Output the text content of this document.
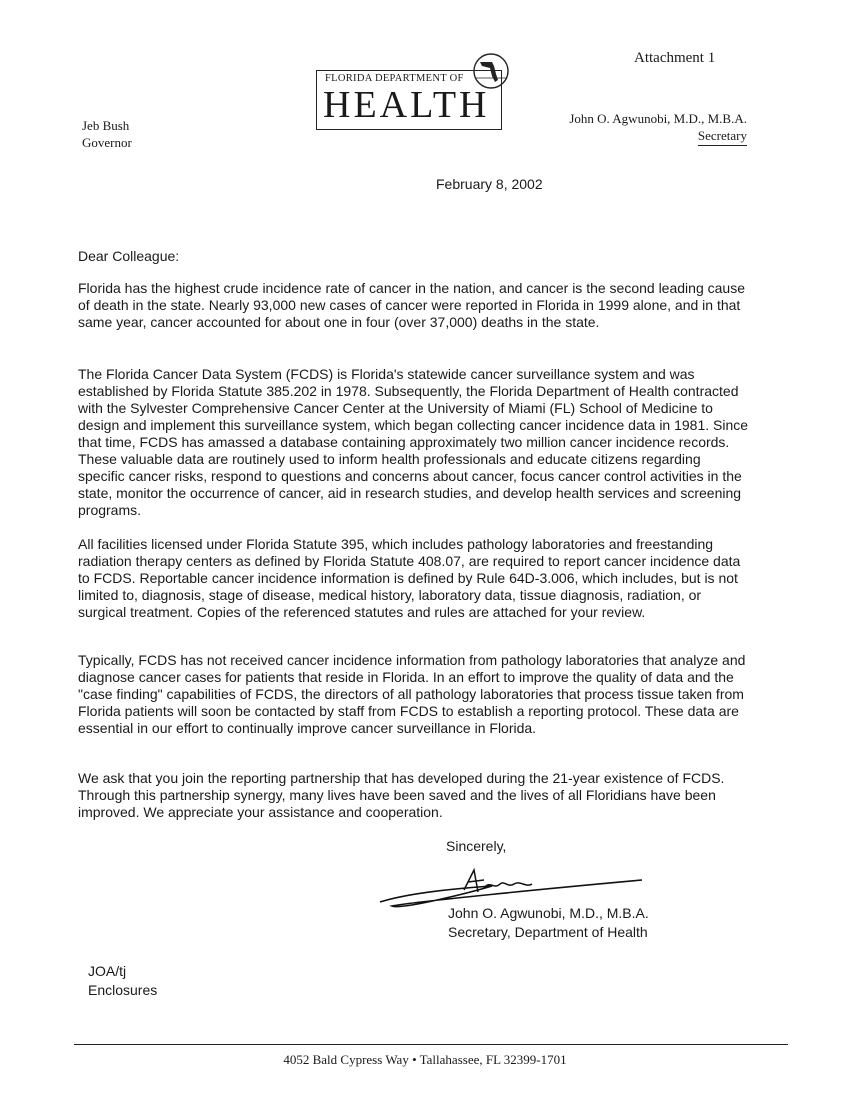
Attachment 1
Jeb Bush
Governor
FLORIDA DEPARTMENT OF
HEALTH	John O. Agwunobi, M.D., M.B.A.
Secretary
February 8, 2002
Dear Colleague:

Florida has the highest crude incidence rate of cancer in the nation, and cancer is the second leading cause of death in the state. Nearly 93,000 new cases of cancer were reported in Florida in 1999 alone, and in that same year, cancer accounted for about one in four (over 37,000) deaths in the state.

The Florida Cancer Data System (FCDS) is Florida's statewide cancer surveillance system and was established by Florida Statute 385.202 in 1978. Subsequently, the Florida Department of Health contracted with the Sylvester Comprehensive Cancer Center at the University of Miami (FL) School of Medicine to design and implement this surveillance system, which began collecting cancer incidence data in 1981. Since that time, FCDS has amassed a database containing approximately two million cancer incidence records. These valuable data are routinely used to inform health professionals and educate citizens regarding specific cancer risks, respond to questions and concerns about cancer, focus cancer control activities in the state, monitor the occurrence of cancer, aid in research studies, and develop health services and screening programs.

All facilities licensed under Florida Statute 395, which includes pathology laboratories and freestanding radiation therapy centers as defined by Florida Statute 408.07, are required to report cancer incidence data to FCDS. Reportable cancer incidence information is defined by Rule 64D-3.006, which includes, but is not limited to, diagnosis, stage of disease, medical history, laboratory data, tissue diagnosis, radiation, or surgical treatment. Copies of the referenced statutes and rules are attached for your review.

Typically, FCDS has not received cancer incidence information from pathology laboratories that analyze and diagnose cancer cases for patients that reside in Florida. In an effort to improve the quality of data and the "case finding" capabilities of FCDS, the directors of all pathology laboratories that process tissue taken from Florida patients will soon be contacted by staff from FCDS to establish a reporting protocol. These data are essential in our effort to continually improve cancer surveillance in Florida.

We ask that you join the reporting partnership that has developed during the 21-year existence of FCDS. Through this partnership synergy, many lives have been saved and the lives of all Floridians have been improved. We appreciate your assistance and cooperation.

Sincerely,
John O. Agwunobi, M.D., M.B.A.
Secretary, Department of Health
JOA/tj
Enclosures
4052 Bald Cypress Way • Tallahassee, FL 32399-1701
